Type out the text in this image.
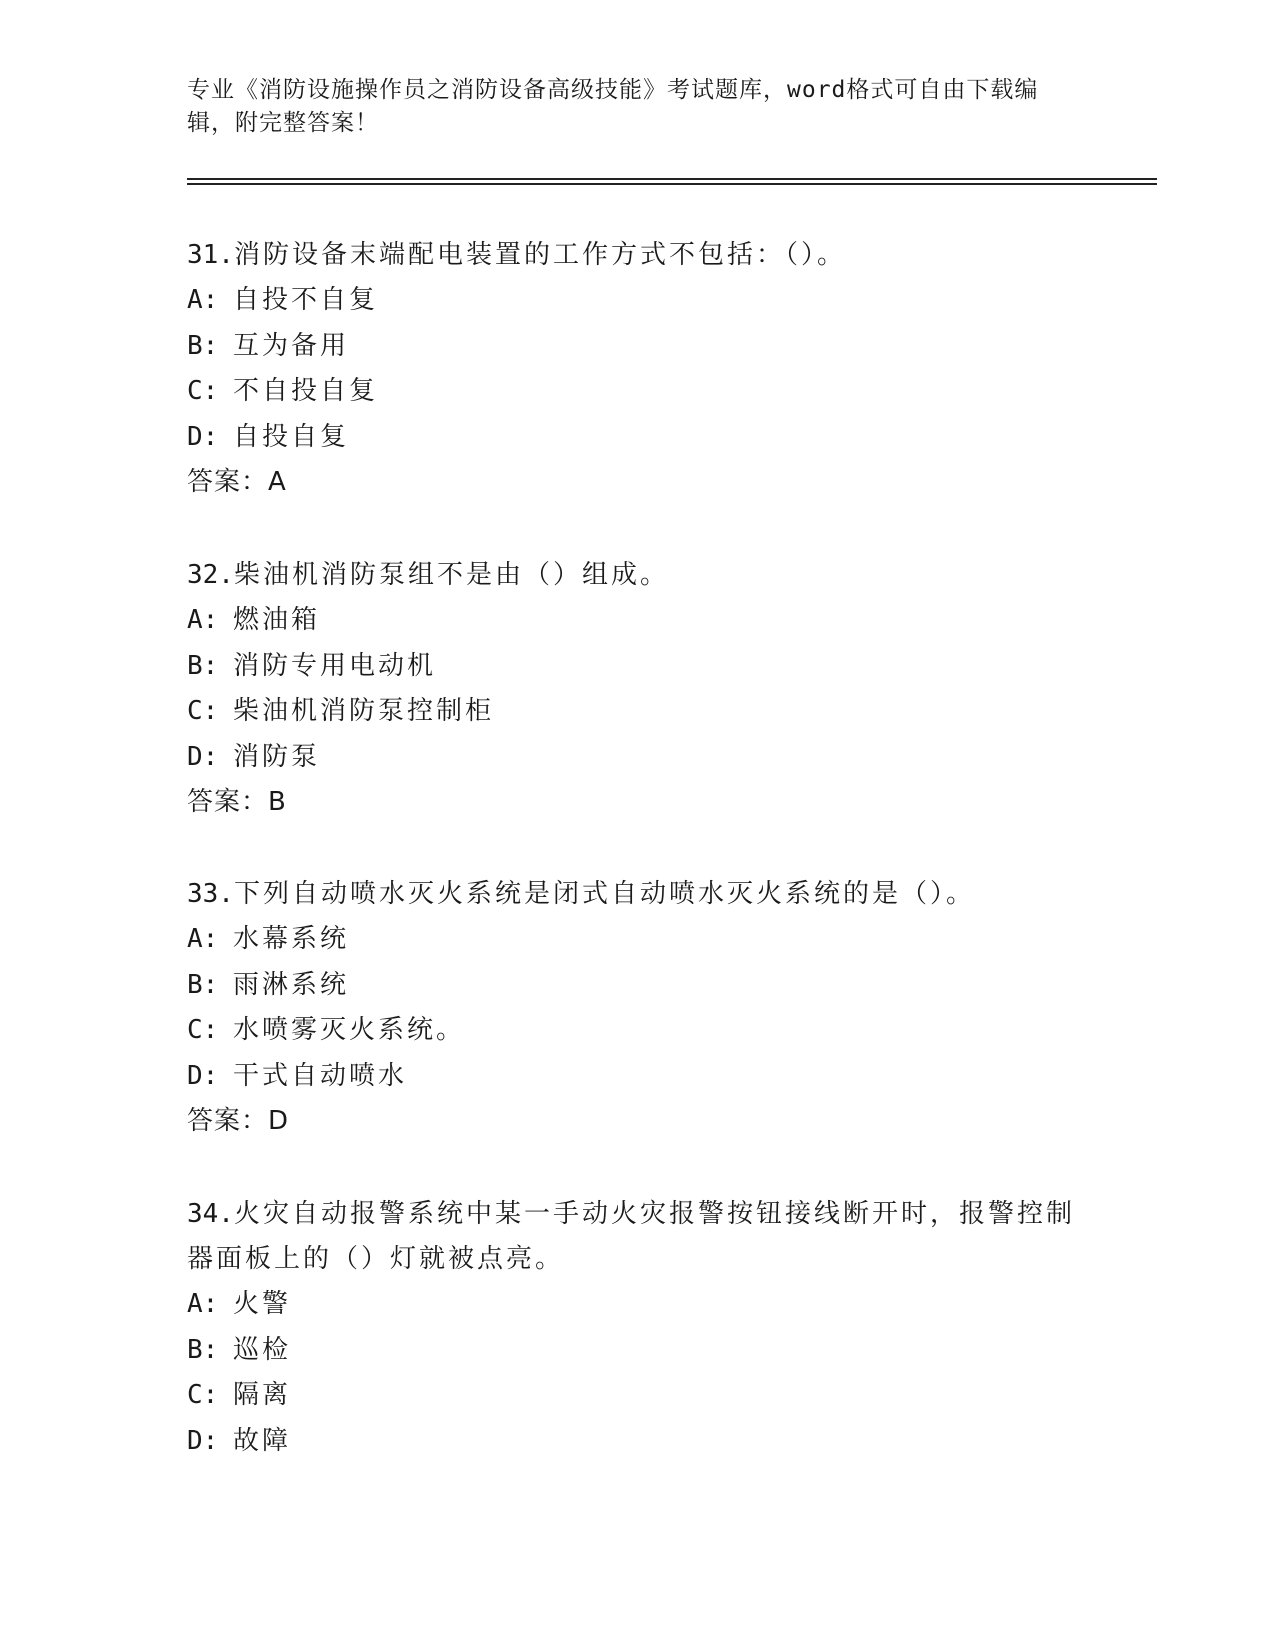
专业《消防设施操作员之消防设备高级技能》考试题库，word格式可自由下载编辑，附完整答案！

31.消防设备末端配电装置的工作方式不包括：（）。

A: 自投不自复

B: 互为备用

C: 不自投自复

D: 自投自复

答案：A

32.柴油机消防泵组不是由（）组成。

A: 燃油箱

B: 消防专用电动机

C: 柴油机消防泵控制柜

D: 消防泵

答案：B

33.下列自动喷水灭火系统是闭式自动喷水灭火系统的是（）。

A: 水幕系统

B: 雨淋系统

C: 水喷雾灭火系统。

D: 干式自动喷水

答案：D

34.火灾自动报警系统中某一手动火灾报警按钮接线断开时，报警控制器面板上的（）灯就被点亮。

A: 火警

B: 巡检

C: 隔离

D: 故障
